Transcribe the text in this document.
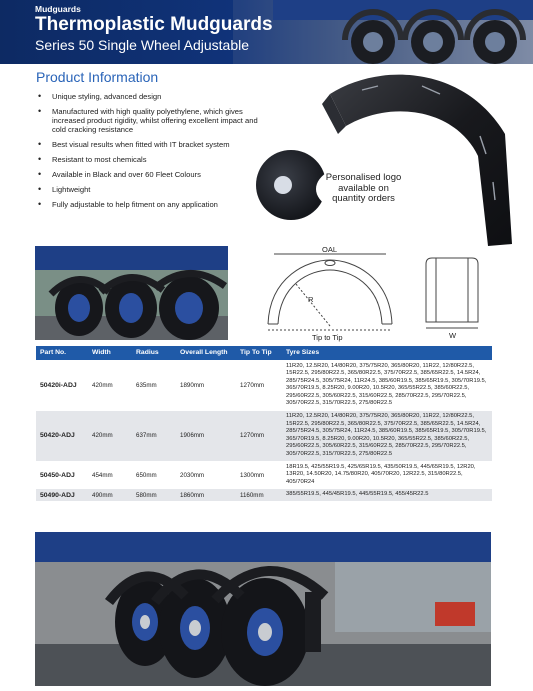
Mudguards
Thermoplastic Mudguards
Series 50 Single Wheel Adjustable
Product Information
• Unique styling, advanced design
• Manufactured with high quality polyethylene, which gives increased product rigidity, whilst offering excellent impact and cold cracking resistance
• Best visual results when fitted with IT bracket system
• Resistant to most chemicals
• Available in Black and over 60 Fleet Colours
• Lightweight
• Fully adjustable to help fitment on any application
Personalised logo available on quantity orders
OAL
R
Tip to Tip	W
Part No.	Width	Radius	Overall Length	Tip To Tip	Tyre Sizes
50420i-ADJ	420mm	635mm	1890mm	1270mm	11R20, 12.5R20, 14/80R20, 375/75R20, 365/80R20, 11R22, 12/80R22.5, 15R22.5, 295/80R22.5, 365/80R22.5, 375/70R22.5, 385/65R22.5, 14.5R24, 285/75R24.5, 305/75R24, 11R24.5, 385/60R19.5, 385/65R19.5, 305/70R19.5, 365/70R19.5, 8.25R20, 9.00R20, 10.5R20, 365/55R22.5, 385/60R22.5, 295/60R22.5, 305/60R22.5, 315/60R22.5, 285/70R22.5, 295/70R22.5, 305/70R22.5, 315/70R22.5, 275/80R22.5
50420-ADJ	420mm	637mm	1906mm	1270mm	11R20, 12.5R20, 14/80R20, 375/75R20, 365/80R20, 11R22, 12/80R22.5, 15R22.5, 295/80R22.5, 365/80R22.5, 375/70R22.5, 385/65R22.5, 14.5R24, 285/75R24.5, 305/75R24, 11R24.5, 385/60R19.5, 385/65R19.5, 305/70R19.5, 365/70R19.5, 8.25R20, 9.00R20, 10.5R20, 365/55R22.5, 385/60R22.5, 295/60R22.5, 305/60R22.5, 315/60R22.5, 285/70R22.5, 295/70R22.5, 305/70R22.5, 315/70R22.5, 275/80R22.5
50450-ADJ	454mm	650mm	2030mm	1300mm	18R19.5, 425/55R19.5, 425/65R19.5, 435/50R19.5, 445/65R19.5, 12R20, 13R20, 14.50R20, 14.75/80R20, 405/70R20, 12R22.5, 315/80R22.5, 405/70R24
50490-ADJ	490mm	580mm	1860mm	1160mm	385/55R19.5, 445/45R19.5, 445/55R19.5, 455/45R22.5
